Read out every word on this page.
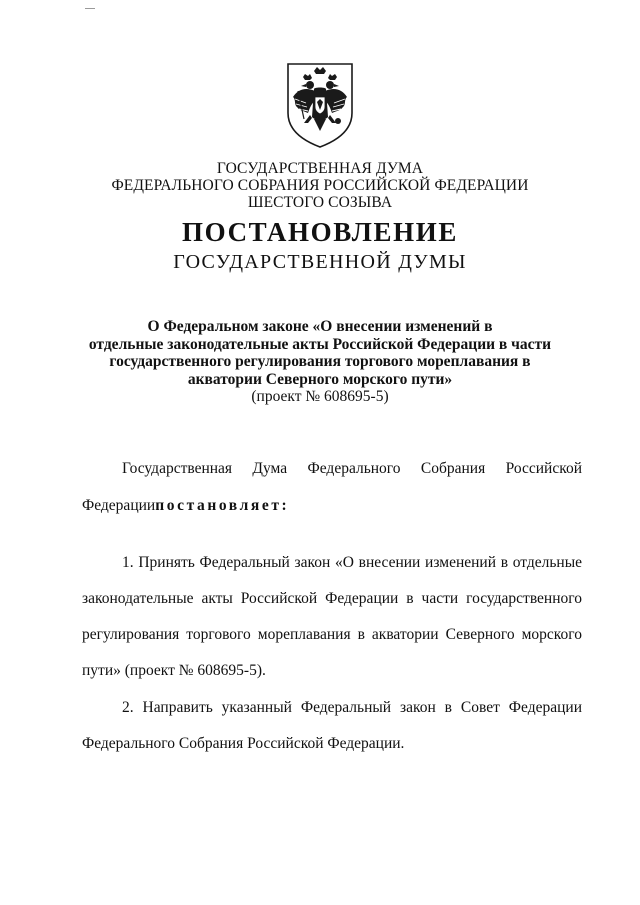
ГОСУДАРСТВЕННАЯ ДУМА
ФЕДЕРАЛЬНОГО СОБРАНИЯ РОССИЙСКОЙ ФЕДЕРАЦИИ
ШЕСТОГО СОЗЫВА
ПОСТАНОВЛЕНИЕ
ГОСУДАРСТВЕННОЙ ДУМЫ
О Федеральном законе «О внесении изменений в
отдельные законодательные акты Российской Федерации в части
государственного регулирования торгового мореплавания в
акватории Северного морского пути»
(проект № 608695-5)
Государственная Дума Федерального Собрания Российской
Федерациипостановляет:
1. Принять Федеральный закон «О внесении изменений в отдельные
законодательные акты Российской Федерации в части государственного
регулирования торгового мореплавания в акватории Северного морского
пути» (проект № 608695-5).
2. Направить указанный Федеральный закон в Совет Федерации
Федерального Собрания Российской Федерации.
